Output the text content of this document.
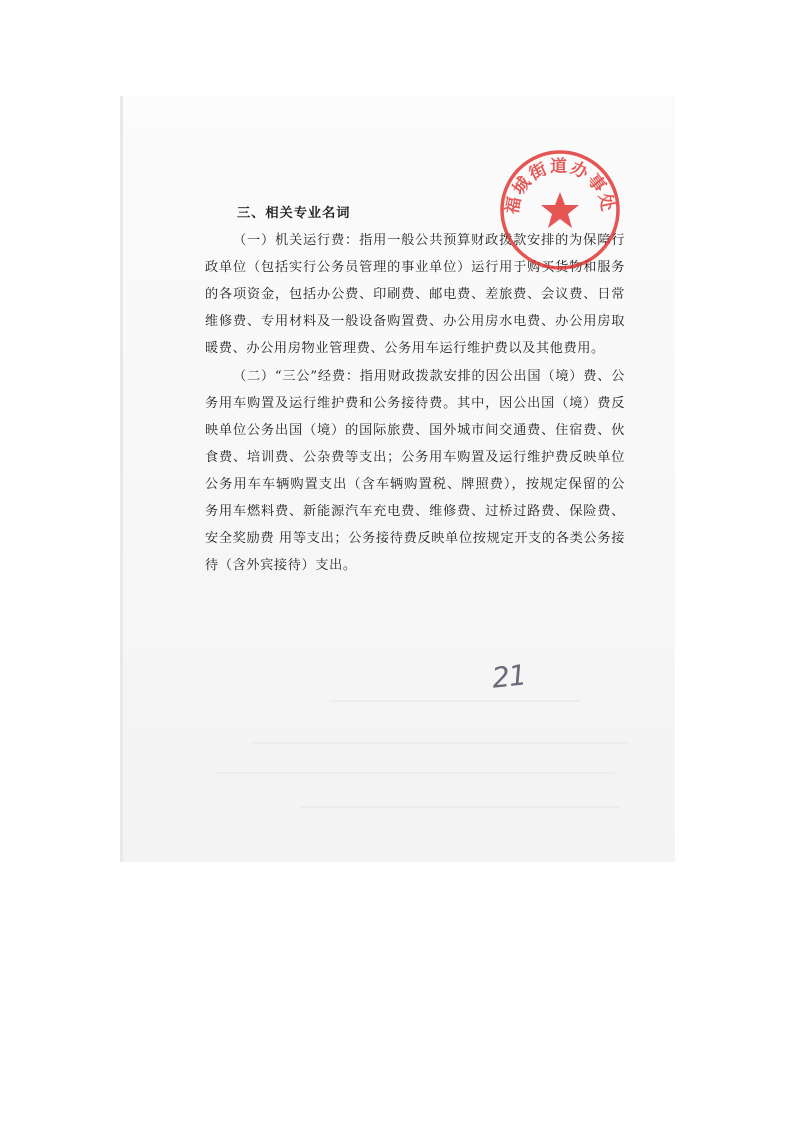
三、相关专业名词

（一）机关运行费：指用一般公共预算财政拨款安排的为保障行政单位（包括实行公务员管理的事业单位）运行用于购买货物和服务的各项资金，包括办公费、印刷费、邮电费、差旅费、会议费、日常维修费、专用材料及一般设备购置费、办公用房水电费、办公用房取暖费、办公用房物业管理费、公务用车运行维护费以及其他费用。

（二）“三公”经费：指用财政拨款安排的因公出国（境）费、公务用车购置及运行维护费和公务接待费。其中，因公出国（境）费反映单位公务出国（境）的国际旅费、国外城市间交通费、住宿费、伙食费、培训费、公杂费等支出；公务用车购置及运行维护费反映单位公务用车车辆购置支出（含车辆购置税、牌照费），按规定保留的公务用车燃料费、新能源汽车充电费、维修费、过桥过路费、保险费、安全奖励费 用等支出；公务接待费反映单位按规定开支的各类公务接待（含外宾接待）支出。

福城街道办事处
21
